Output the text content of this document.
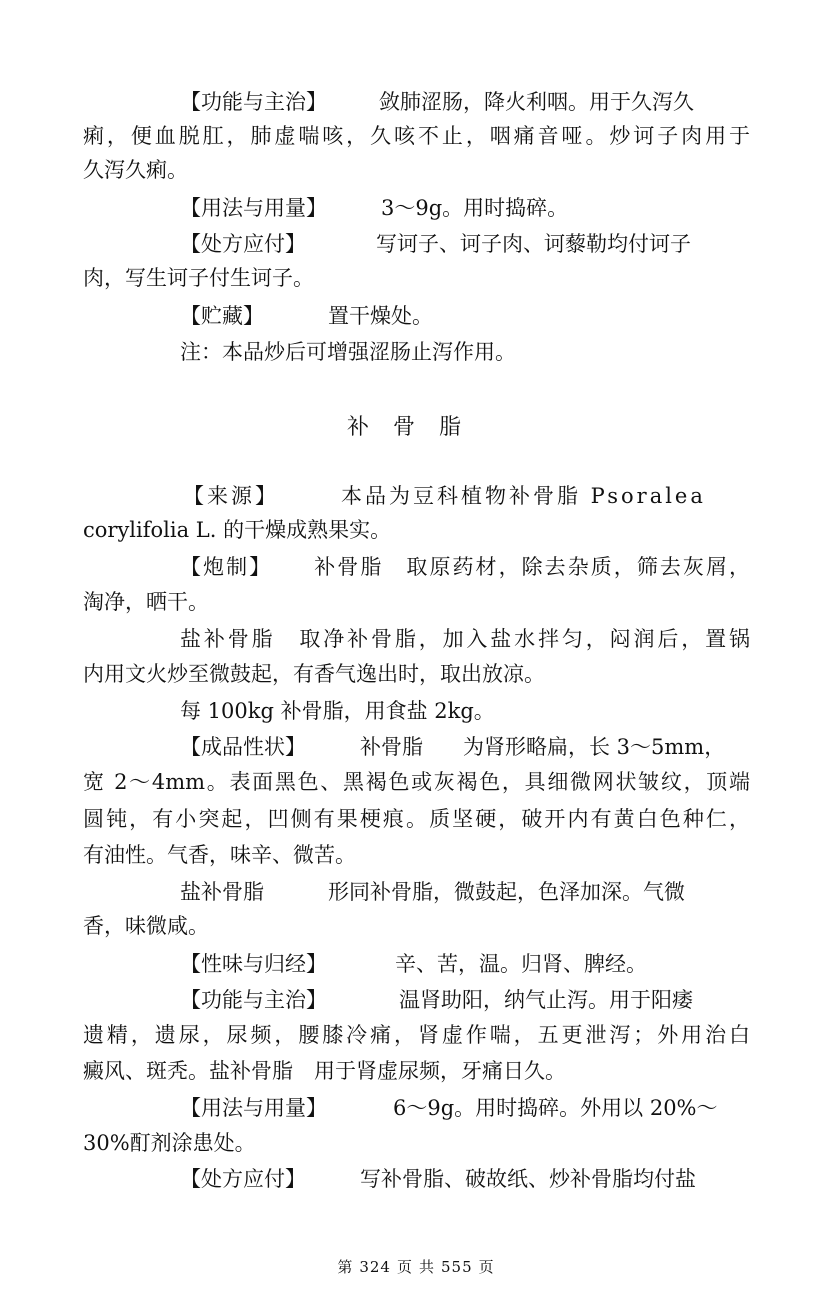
【功能与主治】 敛肺涩肠，降火利咽。用于久泻久
痢，便血脱肛，肺虚喘咳，久咳不止，咽痛音哑。炒诃子肉用于
久泻久痢。
【用法与用量】	3～9g。用时捣碎。
【处方应付】	写诃子、诃子肉、诃藜勒均付诃子
肉，写生诃子付生诃子。
【贮藏】	置干燥处。
注：本品炒后可增强涩肠止泻作用。
补骨脂
【来源】	本品为豆科植物补骨脂 Psoralea
corylifolia L. 的干燥成熟果实。
【炮制】 补骨脂　取原药材，除去杂质，筛去灰屑，
淘净，晒干。
盐补骨脂　取净补骨脂，加入盐水拌匀，闷润后，置锅
内用文火炒至微鼓起，有香气逸出时，取出放凉。
每 100kg 补骨脂，用食盐 2kg。
【成品性状】	补骨脂 为肾形略扁，长 3～5mm，
宽 2～4mm。表面黑色、黑褐色或灰褐色，具细微网状皱纹，顶端
圆钝，有小突起，凹侧有果梗痕。质坚硬，破开内有黄白色种仁，
有油性。气香，味辛、微苦。
盐补骨脂	形同补骨脂，微鼓起，色泽加深。气微
香，味微咸。
【性味与归经】	辛、苦，温。归肾、脾经。
【功能与主治】	温肾助阳，纳气止泻。用于阳痿
遗精，遗尿，尿频，腰膝冷痛，肾虚作喘，五更泄泻；外用治白
癜风、斑秃。盐补骨脂　用于肾虚尿频，牙痛日久。
【用法与用量】	6～9g。用时捣碎。外用以 20%～
30%酊剂涂患处。
【处方应付】	写补骨脂、破故纸、炒补骨脂均付盐
第 324 页 共 555 页
